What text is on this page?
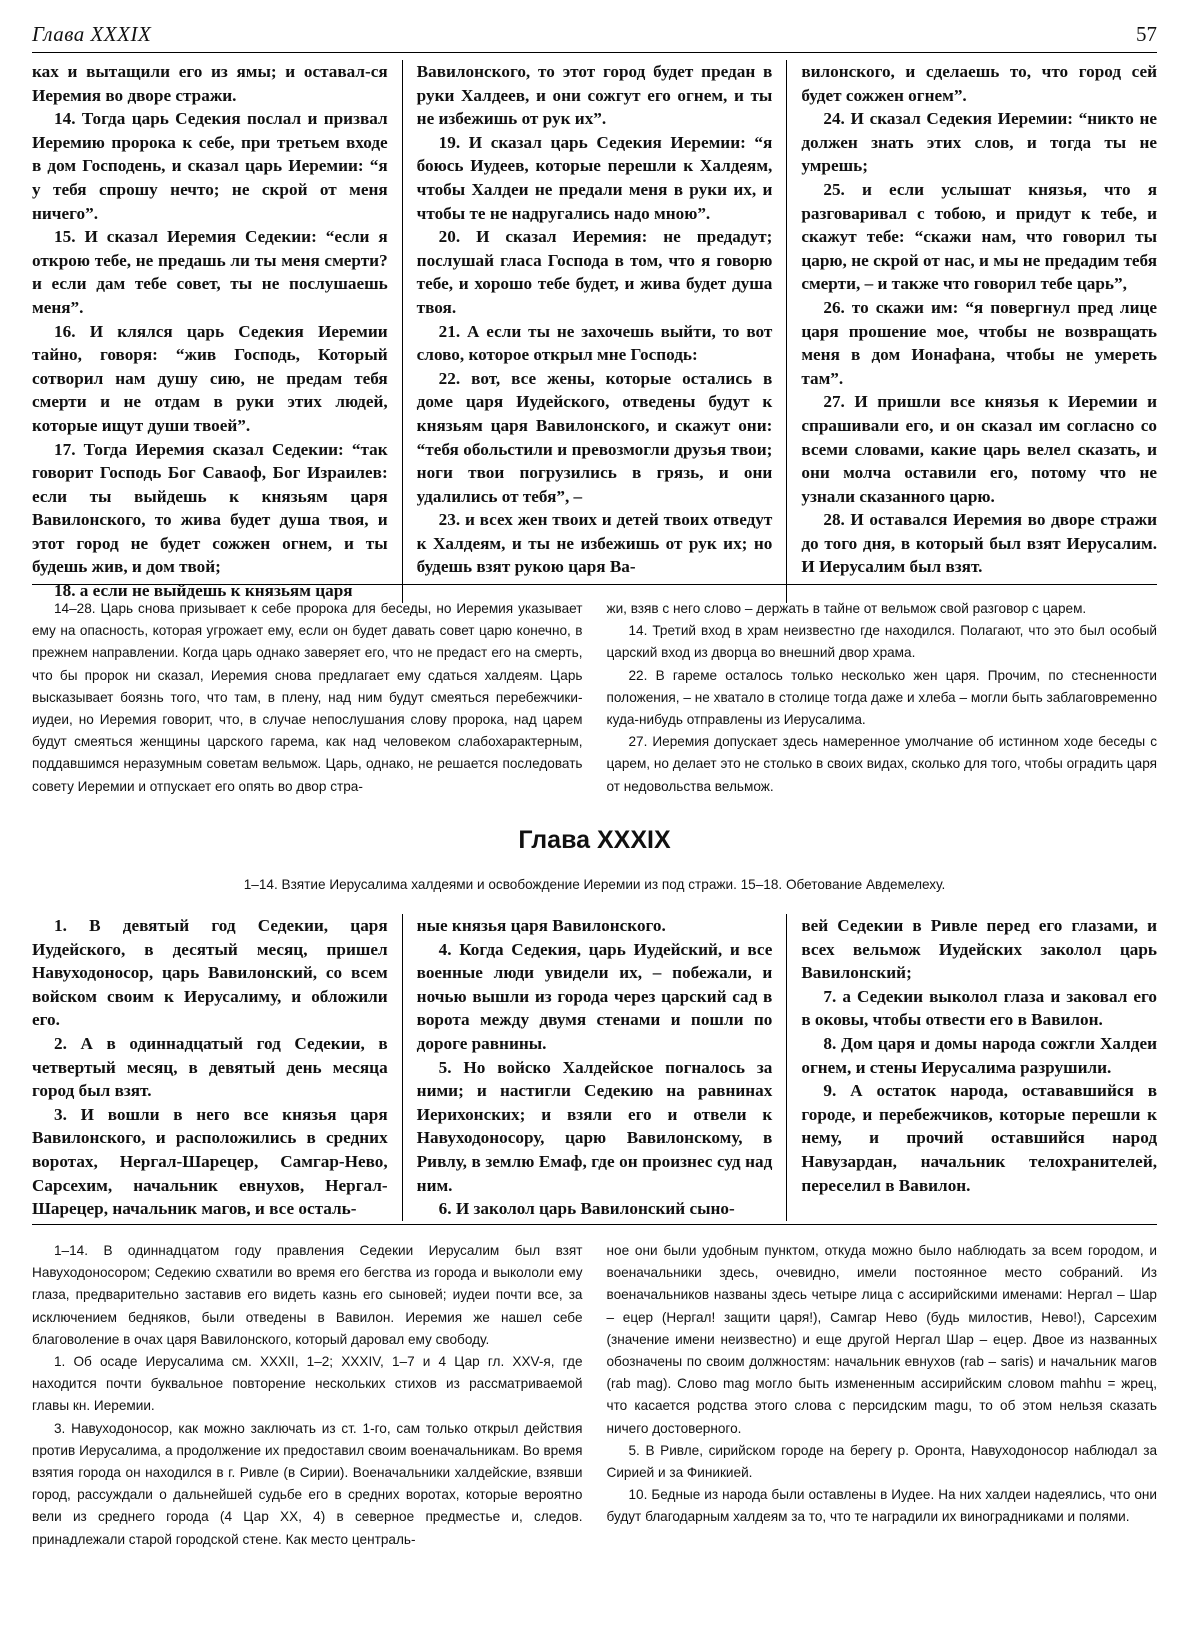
Глава XXXIX	57

ках и вытащили его из ямы; и оставал-ся Иеремия во дворе стражи.

14. Тогда царь Седекия послал и призвал Иеремию пророка к себе, при третьем входе в дом Господень, и сказал царь Иеремии: “я у тебя спрошу нечто; не скрой от меня ничего”.

15. И сказал Иеремия Седекии: “если я открою тебе, не предашь ли ты меня смерти? и если дам тебе совет, ты не послушаешь меня”.

16. И клялся царь Седекия Иеремии тайно, говоря: “жив Господь, Который сотворил нам душу сию, не предам тебя смерти и не отдам в руки этих людей, которые ищут души твоей”.

17. Тогда Иеремия сказал Седекии: “так говорит Господь Бог Саваоф, Бог Израилев: если ты выйдешь к князьям царя Вавилонского, то жива будет душа твоя, и этот город не будет сожжен огнем, и ты будешь жив, и дом твой;

18. а если не выйдешь к князьям царя

Вавилонского, то этот город будет предан в руки Халдеев, и они сожгут его огнем, и ты не избежишь от рук их”.

19. И сказал царь Седекия Иеремии: “я боюсь Иудеев, которые перешли к Халдеям, чтобы Халдеи не предали меня в руки их, и чтобы те не надругались надо мною”.

20. И сказал Иеремия: не предадут; послушай гласа Господа в том, что я говорю тебе, и хорошо тебе будет, и жива будет душа твоя.

21. А если ты не захочешь выйти, то вот слово, которое открыл мне Господь:

22. вот, все жены, которые остались в доме царя Иудейского, отведены будут к князьям царя Вавилонского, и скажут они: “тебя обольстили и превозмогли друзья твои; ноги твои погрузились в грязь, и они удалились от тебя”, –

23. и всех жен твоих и детей твоих отведут к Халдеям, и ты не избежишь от рук их; но будешь взят рукою царя Ва-

вилонского, и сделаешь то, что город сей будет сожжен огнем”.

24. И сказал Седекия Иеремии: “никто не должен знать этих слов, и тогда ты не умрешь;

25. и если услышат князья, что я разговаривал с тобою, и придут к тебе, и скажут тебе: “скажи нам, что говорил ты царю, не скрой от нас, и мы не предадим тебя смерти, – и также что говорил тебе царь”,

26. то скажи им: “я повергнул пред лице царя прошение мое, чтобы не возвращать меня в дом Ионафана, чтобы не умереть там”.

27. И пришли все князья к Иеремии и спрашивали его, и он сказал им согласно со всеми словами, какие царь велел сказать, и они молча оставили его, потому что не узнали сказанного царю.

28. И оставался Иеремия во дворе стражи до того дня, в который был взят Иерусалим. И Иерусалим был взят.

14–28. Царь снова призывает к себе пророка для беседы, но Иеремия указывает ему на опасность, которая угрожает ему, если он будет давать совет царю конечно, в прежнем направлении. Когда царь однако заверяет его, что не предаст его на смерть, что бы пророк ни сказал, Иеремия снова предлагает ему сдаться халдеям. Царь высказывает боязнь того, что там, в плену, над ним будут смеяться перебежчики-иудеи, но Иеремия говорит, что, в случае непослушания слову пророка, над царем будут смеяться женщины царского гарема, как над человеком слабохарактерным, поддавшимся неразумным советам вельмож. Царь, однако, не решается последовать совету Иеремии и отпускает его опять во двор стра-

жи, взяв с него слово – держать в тайне от вельмож свой разговор с царем.

14. Третий вход в храм неизвестно где находился. Полагают, что это был особый царский вход из дворца во внешний двор храма.

22. В гареме осталось только несколько жен царя. Прочим, по стесненности положения, – не хватало в столице тогда даже и хлеба – могли быть заблаговременно куда-нибудь отправлены из Иерусалима.

27. Иеремия допускает здесь намеренное умолчание об истинном ходе беседы с царем, но делает это не столько в своих видах, сколько для того, чтобы оградить царя от недовольства вельмож.

Глава XXXIX
1–14. Взятие Иерусалима халдеями и освобождение Иеремии из под стражи. 15–18. Обетование Авдемелеху.

1. В девятый год Седекии, царя Иудейского, в десятый месяц, пришел Навуходоносор, царь Вавилонский, со всем войском своим к Иерусалиму, и обложили его.

2. А в одиннадцатый год Седекии, в четвертый месяц, в девятый день месяца город был взят.

3. И вошли в него все князья царя Вавилонского, и расположились в средних воротах, Нергал-Шарецер, Самгар-Нево, Сарсехим, начальник евнухов, Нергал-Шарецер, начальник магов, и все осталь-

ные князья царя Вавилонского.

4. Когда Седекия, царь Иудейский, и все военные люди увидели их, – побежали, и ночью вышли из города через царский сад в ворота между двумя стенами и пошли по дороге равнины.

5. Но войско Халдейское погналось за ними; и настигли Седекию на равнинах Иерихонских; и взяли его и отвели к Навуходоносору, царю Вавилонскому, в Ривлу, в землю Емаф, где он произнес суд над ним.

6. И заколол царь Вавилонский сыно-

вей Седекии в Ривле перед его глазами, и всех вельмож Иудейских заколол царь Вавилонский;

7. а Седекии выколол глаза и заковал его в оковы, чтобы отвести его в Вавилон.

8. Дом царя и домы народа сожгли Халдеи огнем, и стены Иерусалима разрушили.

9. А остаток народа, остававшийся в городе, и перебежчиков, которые перешли к нему, и прочий оставшийся народ Навузардан, начальник телохранителей, переселил в Вавилон.

1–14. В одиннадцатом году правления Седекии Иерусалим был взят Навуходоносором; Седекию схватили во время его бегства из города и выкололи ему глаза, предварительно заставив его видеть казнь его сыновей; иудеи почти все, за исключением бедняков, были отведены в Вавилон. Иеремия же нашел себе благоволение в очах царя Вавилонского, который даровал ему свободу.

1. Об осаде Иерусалима см. XXXII, 1–2; XXXIV, 1–7 и 4 Цар гл. XXV-я, где находится почти буквальное повторение нескольких стихов из рассматриваемой главы кн. Иеремии.

3. Навуходоносор, как можно заключать из ст. 1-го, сам только открыл действия против Иерусалима, а продолжение их предоставил своим военачальникам. Во время взятия города он находился в г. Ривле (в Сирии). Военачальники халдейские, взявши город, рассуждали о дальнейшей судьбе его в средних воротах, которые вероятно вели из среднего города (4 Цар XX, 4) в северное предместье и, следов. принадлежали старой городской стене. Как место централь-

ное они были удобным пунктом, откуда можно было наблюдать за всем городом, и военачальники здесь, очевидно, имели постоянное место собраний. Из военачальников названы здесь четыре лица с ассирийскими именами: Нергал – Шар – ецер (Нергал! защити царя!), Самгар Нево (будь милостив, Нево!), Сарсехим (значение имени неизвестно) и еще другой Нергал Шар – ецер. Двое из названных обозначены по своим должностям: начальник евнухов (rab – saris) и начальник магов (rab mag). Слово mag могло быть измененным ассирийским словом mahhu = жрец, что касается родства этого слова с персидским magu, то об этом нельзя сказать ничего достоверного.

5. В Ривле, сирийском городе на берегу р. Оронта, Навуходоносор наблюдал за Сирией и за Финикией.

10. Бедные из народа были оставлены в Иудее. На них халдеи надеялись, что они будут благодарным халдеям за то, что те наградили их виноградниками и полями.
